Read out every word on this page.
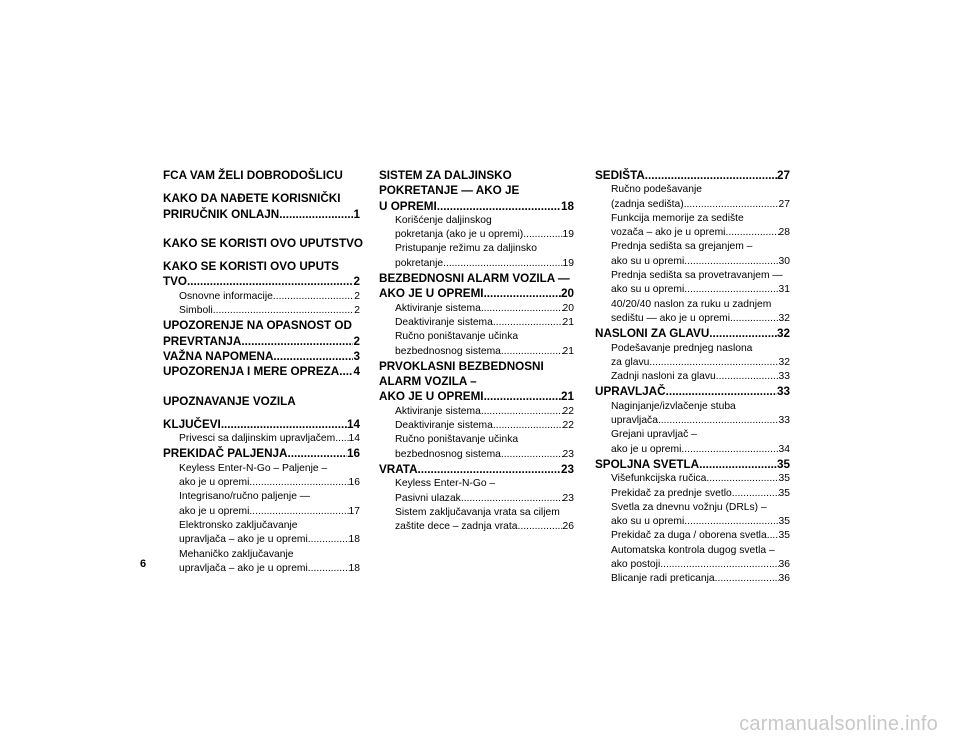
FCA VAM ŽELI DOBRODOŠLICU
KAKO DA NAĐETE KORISNIČKI
PRIRUČNIK ONLAJN .....	1
KAKO SE KORISTI OVO UPUTSTVO
KAKO SE KORISTI OVO UPUTS
TVO .....	2
Osnovne informacije .....	2
Simboli .....	2
UPOZORENJE NA OPASNOST OD
PREVRTANJA .....	2
VAŽNA NAPOMENA .....	3
UPOZORENJA I MERE OPREZA ..... 4
UPOZNAVANJE VOZILA
KLJUČEVI .....	14
Privesci sa daljinskim upravljačem ..... 14
PREKIDAČ PALJENJA .....	16
Keyless Enter-N-Go – Paljenje –
ako je u opremi .....	16
Integrisano/ručno paljenje —
ako je u opremi .....	17
Elektronsko zaključavanje
upravljača – ako je u opremi .....	18
Mehaničko zaključavanje
upravljača – ako je u opremi .....	18
SISTEM ZA DALJINSKO
POKRETANJE — AKO JE
U OPREMI .....	18
Korišćenje daljinskog
pokretanja (ako je u opremi) .....	19
Pristupanje režimu za daljinsko
pokretanje .....	19
BEZBEDNOSNI ALARM VOZILA —
AKO JE U OPREMI .....	20
Aktiviranje sistema .....	20
Deaktiviranje sistema .....	21
Ručno poništavanje učinka
bezbednosnog sistema .....	21
PRVOKLASNI BEZBEDNOSNI
ALARM VOZILA –
AKO JE U OPREMI .....	21
Aktiviranje sistema .....	22
Deaktiviranje sistema .....	22
Ručno poništavanje učinka
bezbednosnog sistema .....	23
VRATA .....	23
Keyless Enter-N-Go –
Pasivni ulazak .....	23
Sistem zaključavanja vrata sa ciljem
zaštite dece – zadnja vrata .....	26
SEDIŠTA .....	27
Ručno podešavanje
(zadnja sedišta) .....	27
Funkcija memorije za sedište
vozača – ako je u opremi .....	28
Prednja sedišta sa grejanjem –
ako su u opremi .....	30
Prednja sedišta sa provetravanjem —
ako su u opremi .....	31
40/20/40 naslon za ruku u zadnjem
sedištu — ako je u opremi .....	32
NASLONI ZA GLAVU .....	32
Podešavanje prednjeg naslona
za glavu .....	32
Zadnji nasloni za glavu .....	33
UPRAVLJAČ .....	33
Naginjanje/izvlačenje stuba
upravljača .....	33
Grejani upravljač –
ako je u opremi .....	34
SPOLJNA SVETLA .....	35
Višefunkcijska ručica .....	35
Prekidač za prednje svetlo .....	35
Svetla za dnevnu vožnju (DRLs) –
ako su u opremi .....	35
Prekidač za duga / oborena svetla ..... 35
Automatska kontrola dugog svetla –
ako postoji .....	36
Blicanje radi preticanja .....	36
6
carmanualsonline.info
